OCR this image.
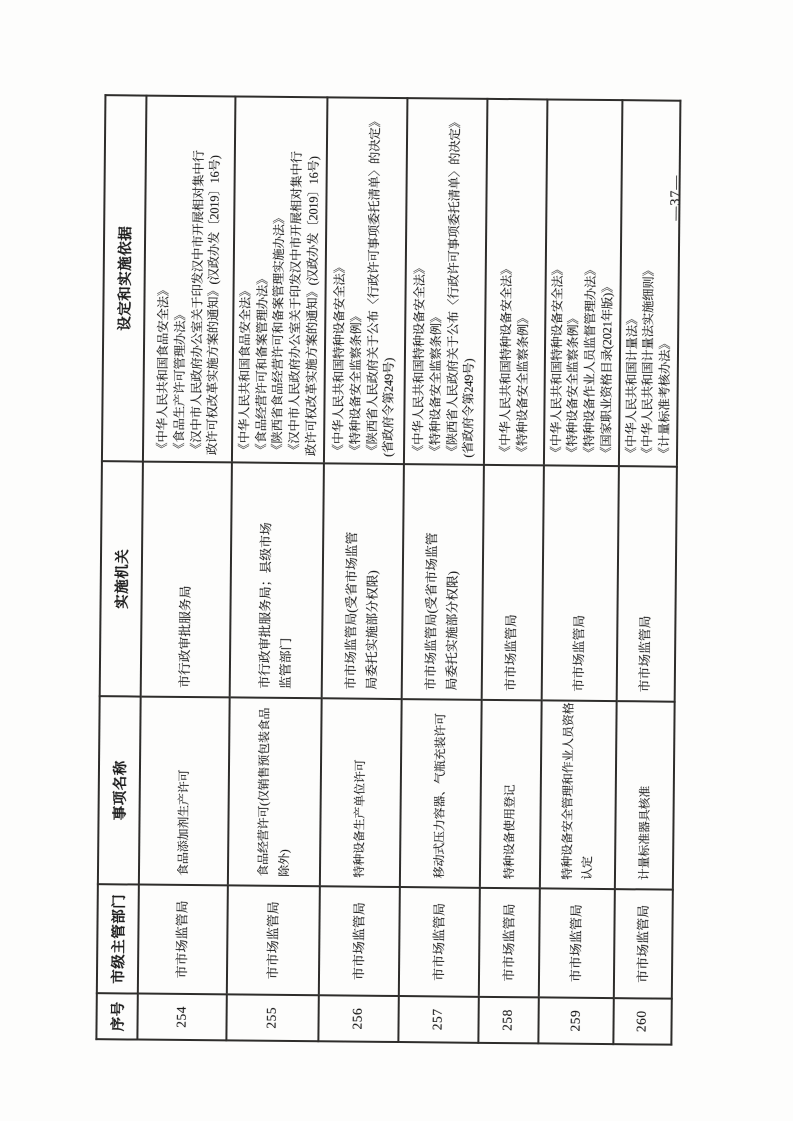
序号	市级主管部门	事项名称	实施机关	设定和实施依据
254	市市场监管局	食品添加剂生产许可	市行政审批服务局	《中华人民共和国食品安全法》
《食品生产许可管理办法》
《汉中市人民政府办公室关于印发汉中市开展相对集中行
政许可权改革实施方案的通知》(汉政办发〔2019〕16号)
255	市市场监管局	食品经营许可(仅销售预包装食品
除外)	市行政审批服务局；县级市场
监管部门	《中华人民共和国食品安全法》
《食品经营许可和备案管理办法》
《陕西省食品经营许可和备案管理实施办法》
《汉中市人民政府办公室关于印发汉中市开展相对集中行
政许可权改革实施方案的通知》(汉政办发〔2019〕16号)
256	市市场监管局	特种设备生产单位许可	市市场监管局(受省市场监管
局委托实施部分权限)	《中华人民共和国特种设备安全法》
《特种设备安全监察条例》
《陕西省人民政府关于公布〈行政许可事项委托清单〉的决定》
(省政府令第249号)
257	市市场监管局	移动式压力容器、气瓶充装许可	市市场监管局(受省市场监管
局委托实施部分权限)	《中华人民共和国特种设备安全法》
《特种设备安全监察条例》
《陕西省人民政府关于公布〈行政许可事项委托清单〉的决定》
(省政府令第249号)
258	市市场监管局	特种设备使用登记	市市场监管局	《中华人民共和国特种设备安全法》
《特种设备安全监察条例》
259	市市场监管局	特种设备安全管理和作业人员资格
认定	市市场监管局	《中华人民共和国特种设备安全法》
《特种设备安全监察条例》
《特种设备作业人员监督管理办法》
《国家职业资格目录(2021年版)》
260	市市场监管局	计量标准器具核准	市市场监管局	《中华人民共和国计量法》
《中华人民共和国计量法实施细则》
《计量标准考核办法》
—37—
